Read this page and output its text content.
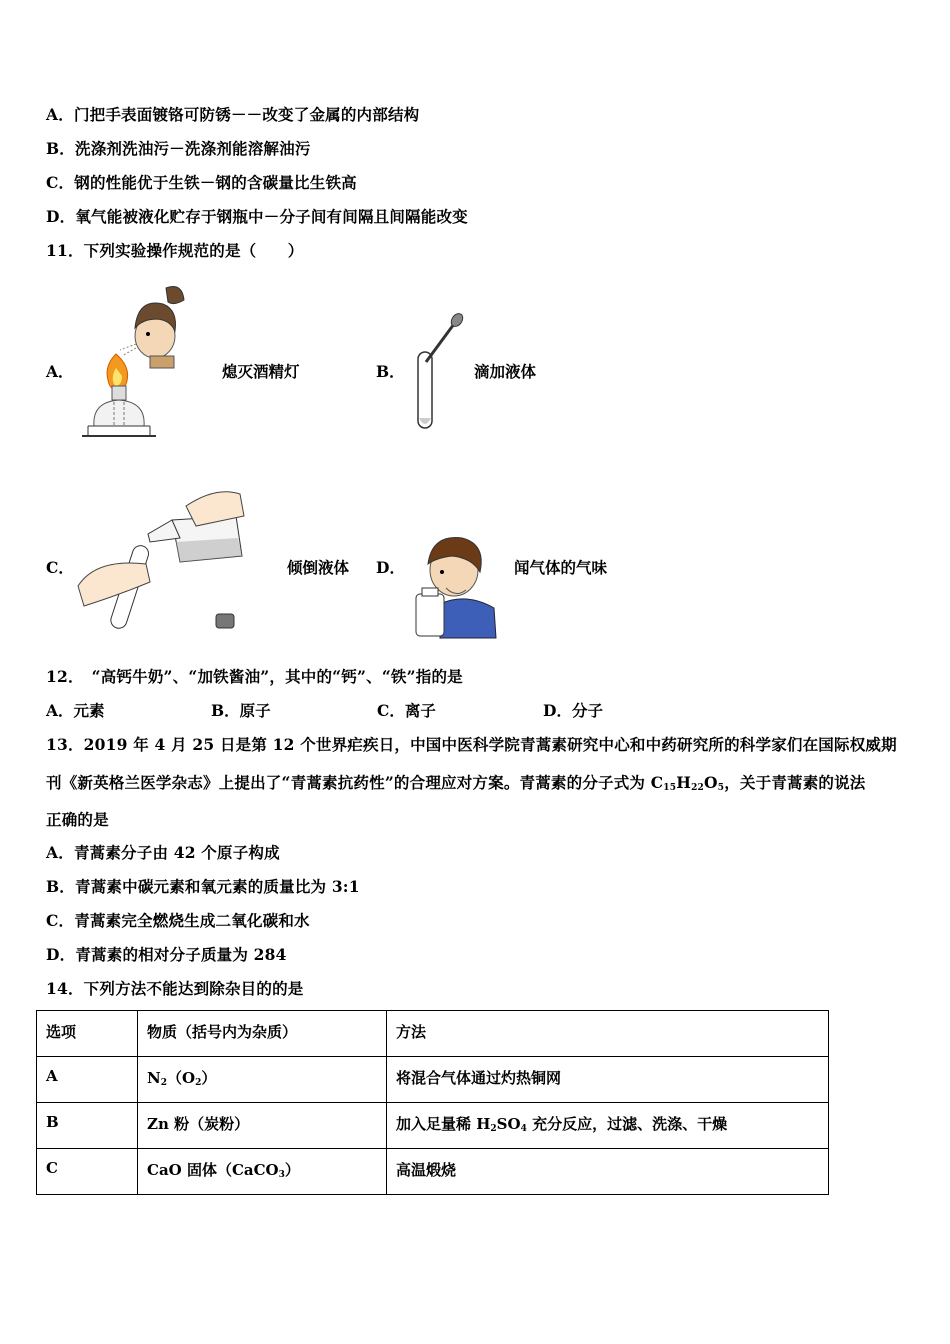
A．门把手表面镀铬可防锈－－改变了金属的内部结构
B．洗涤剂洗油污－洗涤剂能溶解油污
C．钢的性能优于生铁－钢的含碳量比生铁高
D．氧气能被液化贮存于钢瓶中－分子间有间隔且间隔能改变
11．下列实验操作规范的是（　　）
A．	熄灭酒精灯	B．	滴加液体
C．	倾倒液体 D．	闻气体的气味
12．　“高钙牛奶”、“加铁酱油”，其中的“钙”、“铁”指的是
A．元素	B．原子	C．离子	D．分子
13．2019 年 4 月 25 日是第 12 个世界疟疾日，中国中医科学院青蒿素研究中心和中药研究所的科学家们在国际权威期
刊《新英格兰医学杂志》上提出了“青蒿素抗药性”的合理应对方案。青蒿素的分子式为 $C_{15}H_{22}O_5$，关于青蒿素的说法
正确的是
A．青蒿素分子由 42 个原子构成
B．青蒿素中碳元素和氧元素的质量比为 3:1
C．青蒿素完全燃烧生成二氧化碳和水
D．青蒿素的相对分子质量为 284
14．下列方法不能达到除杂目的的是
选项	物质（括号内为杂质）	方法
A	$N_2(O_2)$	将混合气体通过灼热铜网
B	Zn 粉（炭粉）	加入足量稀 $H_2SO_4$ 充分反应，过滤、洗涤、干燥
C	CaO 固体（CaCO$_3$）	高温煅烧
